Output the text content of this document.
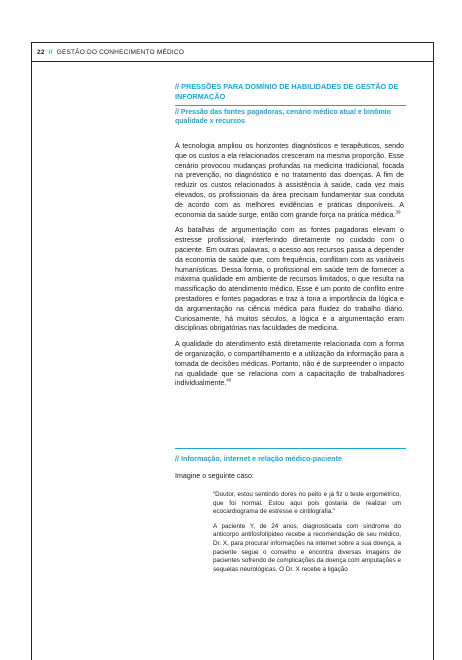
22 // GESTÃO DO CONHECIMENTO MÉDICO
// PRESSÕES PARA DOMÍNIO DE HABILIDADES DE GESTÃO DE INFORMAÇÃO
// Pressão das fontes pagadoras, cenário médico atual e binômio qualidade x recursos

A tecnologia ampliou os horizontes diagnósticos e terapêuticos, sendo que os custos a ela relacionados cresceram na mesma proporção. Esse cenário provocou mudanças profundas na medicina tradicional, focada na prevenção, no diagnóstico e no tratamento das doenças. A fim de reduzir os custos relacionados à assistência à saúde, cada vez mais elevados, os profissionais da área precisam fundamentar sua conduta de acordo com as melhores evidências e práticas disponíveis. A economia da saúde surge, então com grande força na prática médica.$^{39}$

As batalhas de argumentação com as fontes pagadoras elevam o estresse profissional, interferindo diretamente no cuidado com o paciente. Em outras palavras, o acesso aos recursos passa a depender da economia de saúde que, com frequência, conflitam com as variáveis humanísticas. Dessa forma, o profissional em saúde tem de fornecer a máxima qualidade em ambiente de recursos limitados, o que resulta na massificação do atendimento médico. Esse é um ponto de conflito entre prestadores e fontes pagadoras e traz à tona a importância da lógica e da argumentação na ciência médica para fluidez do trabalho diário. Curiosamente, há muitos séculos, a lógica e a argumentação eram disciplinas obrigatórias nas faculdades de medicina.

A qualidade do atendimento está diretamente relacionada com a forma de organização, o compartilhamento e a utilização da informação para a tomada de decisões médicas. Portanto, não é de surpreender o impacto na qualidade que se relaciona com a capacitação de trabalhadores individualmente.$^{40}$

// Informação, internet e relação médico-paciente
Imagine o seguinte caso:

“Doutor, estou sentindo dores no peito e já fiz o teste ergométrico, que foi normal. Estou aqui pois gostaria de realizar um ecocardiograma de estresse e cintilografia.”

A paciente Y, de 24 anos, diagnosticada com síndrome do anticorpo antifosfolípideo recebe a recomendação de seu médico, Dr. X, para procurar informações na internet sobre a sua doença, a paciente segue o conselho e encontra diversas imagens de pacientes sofrendo de complicações da doença com amputações e sequelas neurológicas. O Dr. X recebe a ligação
